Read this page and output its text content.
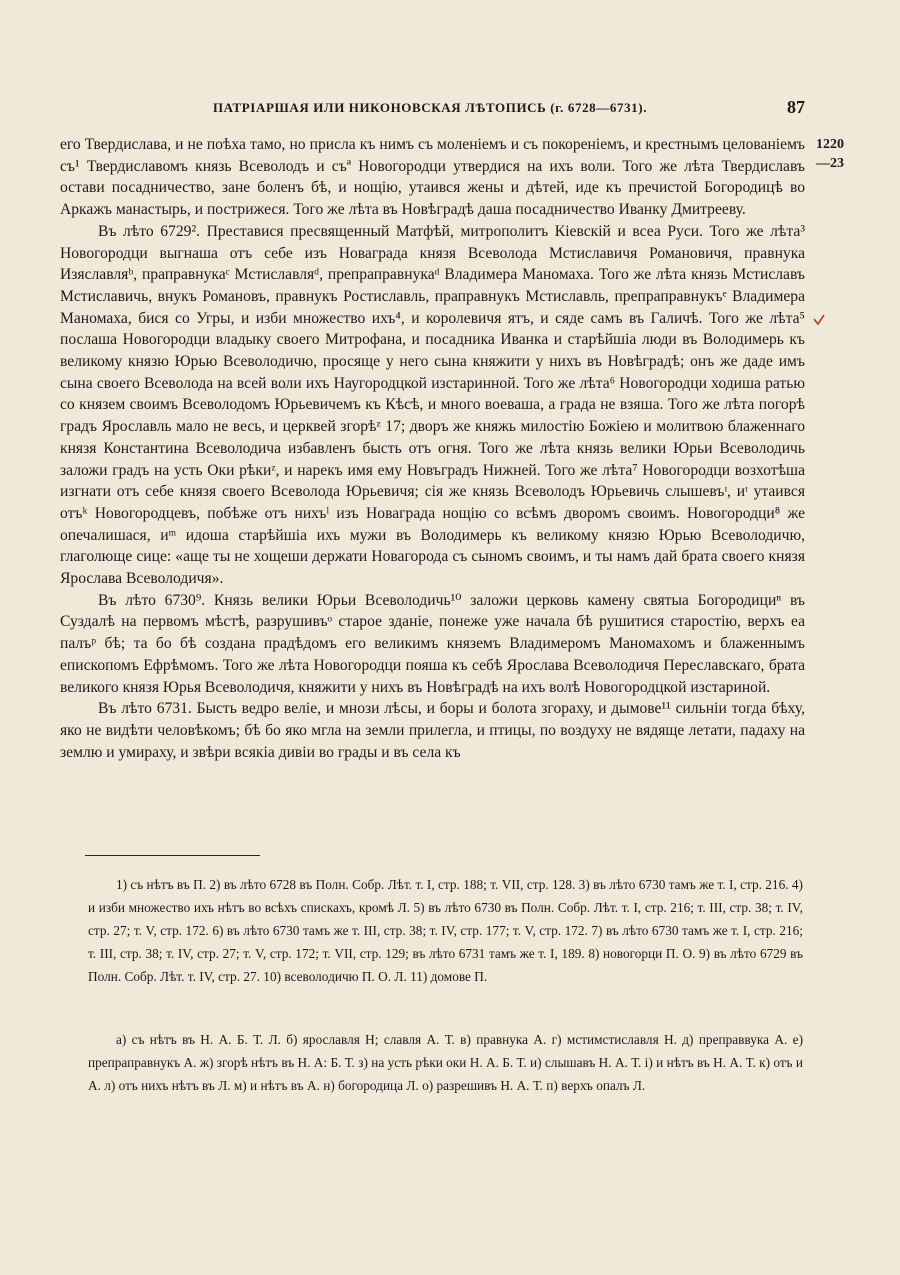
ПАТРІАРШАЯ ИЛИ НИКОНОВСКАЯ ЛѢТОПИСЬ (г. 6728—6731).	87
1220
—23

его Твердислава, и не поѣха тамо, но присла къ нимъ съ моленіемъ и съ покореніемъ, и крестнымъ целованіемъ съ¹ Твердиславомъ князь Всеволодъ и съª Новогородци утвердися на ихъ воли. Того же лѣта Твердиславъ остави посадничество, зане боленъ бѣ, и нощію, утаився жены и дѣтей, иде къ пречистой Богородицѣ во Аркажъ манастырь, и пострижеся. Того же лѣта въ Новѣградѣ даша посадничество Иванку Дмитрееву.

Въ лѣто 6729². Преставися пресвященный Матфѣй, митрополитъ Кіевскій и всеа Руси. Того же лѣта³ Новогородци выгнаша отъ себе изъ Новаграда князя Всеволода Мстиславичя Романовичя, правнука Изяславляᵇ, праправнукаᶜ Мстиславляᵈ, препраправнукаᵈ Владимера Маномаха. Того же лѣта князь Мстиславъ Мстиславичь, внукъ Романовъ, правнукъ Ростиславль, праправнукъ Мстиславль, препраправнукъᵉ Владимера Маномаха, бися со Угры, и изби множество ихъ⁴, и королевичя ятъ, и сяде самъ въ Галичѣ. Того же лѣта⁵ послаша Новогородци владыку своего Митрофана, и посадника Иванка и старѣйшіа люди въ Володимерь къ великому князю Юрью Всеволодичю, просяще у него сына княжити у нихъ въ Новѣградѣ; онъ же даде имъ сына своего Всеволода на всей воли ихъ Наугородцкой изстаринной. Того же лѣта⁶ Новогородци ходиша ратью со князем своимъ Всеволодомъ Юрьевичемъ къ Кѣсѣ, и много воеваша, а града не взяша. Того же лѣта погорѣ градъ Ярославль мало не весь, и церквей згорѣᶻ 17; дворъ же княжь милостію Божіею и молитвою блаженнаго князя Константина Всеволодича избавленъ бысть отъ огня. Того же лѣта князь велики Юрьи Всеволодичь заложи градъ на усть Оки рѣкиᶻ, и нарекъ имя ему Новъградъ Нижней. Того же лѣта⁷ Новогородци возхотѣша изгнати отъ себе князя своего Всеволода Юрьевичя; сія же князь Всеволодъ Юрьевичь слышевъᶦ, иᶦ утаився отъᵏ Новогородцевъ, побѣже отъ нихъˡ изъ Новаграда нощію со всѣмъ дворомъ своимъ. Новогородци⁸ же опечалишася, иᵐ идоша старѣйшіа ихъ мужи въ Володимерь къ великому князю Юрью Всеволодичю, глаголюще сице: «аще ты не хощеши держати Новагорода съ сыномъ своимъ, и ты намъ дай брата своего князя Ярослава Всеволодичя».

Въ лѣто 6730⁹. Князь велики Юрьи Всеволодичь¹⁰ заложи церковь камену святыа Богородициⁿ въ Суздалѣ на первомъ мѣстѣ, разрушивъᵒ старое зданіе, понеже уже начала бѣ рушитися старостію, верхъ еа палъᵖ бѣ; та бо бѣ создана прадѣдомъ его великимъ княземъ Владимеромъ Маномахомъ и блаженнымъ епископомъ Ефрѣмомъ. Того же лѣта Новогородци пояша къ себѣ Ярослава Всеволодичя Переславскаго, брата великого князя Юрья Всеволодичя, княжити у нихъ въ Новѣградѣ на ихъ волѣ Новогородцкой изстариной.

Въ лѣто 6731. Бысть ведро веліе, и мнози лѣсы, и боры и болота згораху, и дымове¹¹ сильніи тогда бѣху, яко не видѣти человѣкомъ; бѣ бо яко мгла на земли прилегла, и птицы, по воздуху не вядяще летати, падаху на землю и умираху, и звѣри всякіа дивіи во грады и въ села къ

1) съ нѣтъ въ П. 2) въ лѣто 6728 въ Полн. Собр. Лѣт. т. I, стр. 188; т. VII, стр. 128. 3) въ лѣто 6730 тамъ же т. I, стр. 216. 4) и изби множество ихъ нѣтъ во всѣхъ спискахъ, кромѣ Л. 5) въ лѣто 6730 въ Полн. Собр. Лѣт. т. I, стр. 216; т. III, стр. 38; т. IV, стр. 27; т. V, стр. 172. 6) въ лѣто 6730 тамъ же т. III, стр. 38; т. IV, стр. 177; т. V, стр. 172. 7) въ лѣто 6730 тамъ же т. I, стр. 216; т. III, стр. 38; т. IV, стр. 27; т. V, стр. 172; т. VII, стр. 129; въ лѣто 6731 тамъ же т. I, 189. 8) новогорци П. О. 9) въ лѣто 6729 въ Полн. Собр. Лѣт. т. IV, стр. 27. 10) всеволодичю П. О. Л. 11) домове П.
а) съ нѣтъ въ Н. А. Б. Т. Л. б) ярославля Н; славля А. Т. в) правнука А. г) мстимстиславля Н. д) преправвука А. е) препраправнукъ А. ж) згорѣ нѣтъ въ Н. А: Б. Т. з) на усть рѣки оки Н. А. Б. Т. и) слышавъ Н. А. Т. і) и нѣтъ въ Н. А. Т. к) отъ и А. л) отъ нихъ нѣтъ въ Л. м) и нѣтъ въ А. н) богородица Л. о) разрешивъ Н. А. Т. п) верхъ опалъ Л.
